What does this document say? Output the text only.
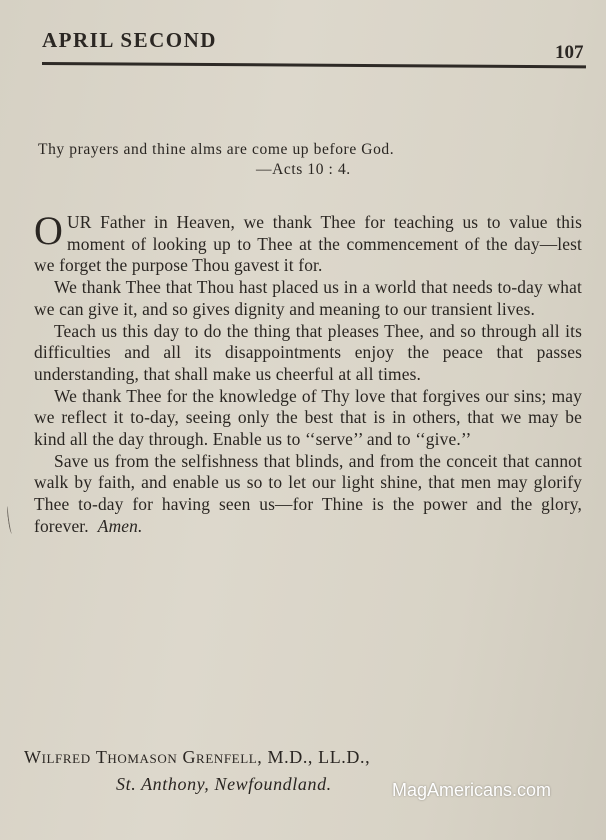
APRIL SECOND
107
Thy prayers and thine alms are come up before God.
—Acts 10 : 4.

OUR Father in Heaven, we thank Thee for teaching us to value this moment of looking up to Thee at the commencement of the day—lest we forget the purpose Thou gavest it for.

We thank Thee that Thou hast placed us in a world that needs to-day what we can give it, and so gives dignity and meaning to our transient lives.

Teach us this day to do the thing that pleases Thee, and so through all its difficulties and all its disappointments enjoy the peace that passes understanding, that shall make us cheerful at all times.

We thank Thee for the knowledge of Thy love that forgives our sins; may we reflect it to-day, seeing only the best that is in others, that we may be kind all the day through. Enable us to ‘‘serve’’ and to ‘‘give.’’

Save us from the selfishness that blinds, and from the conceit that cannot walk by faith, and enable us so to let our light shine, that men may glorify Thee to-day for having seen us—for Thine is the power and the glory, forever. Amen.

Wilfred Thomason Grenfell, M.D., LL.D.,
St. Anthony, Newfoundland.	MagAmericans.com
